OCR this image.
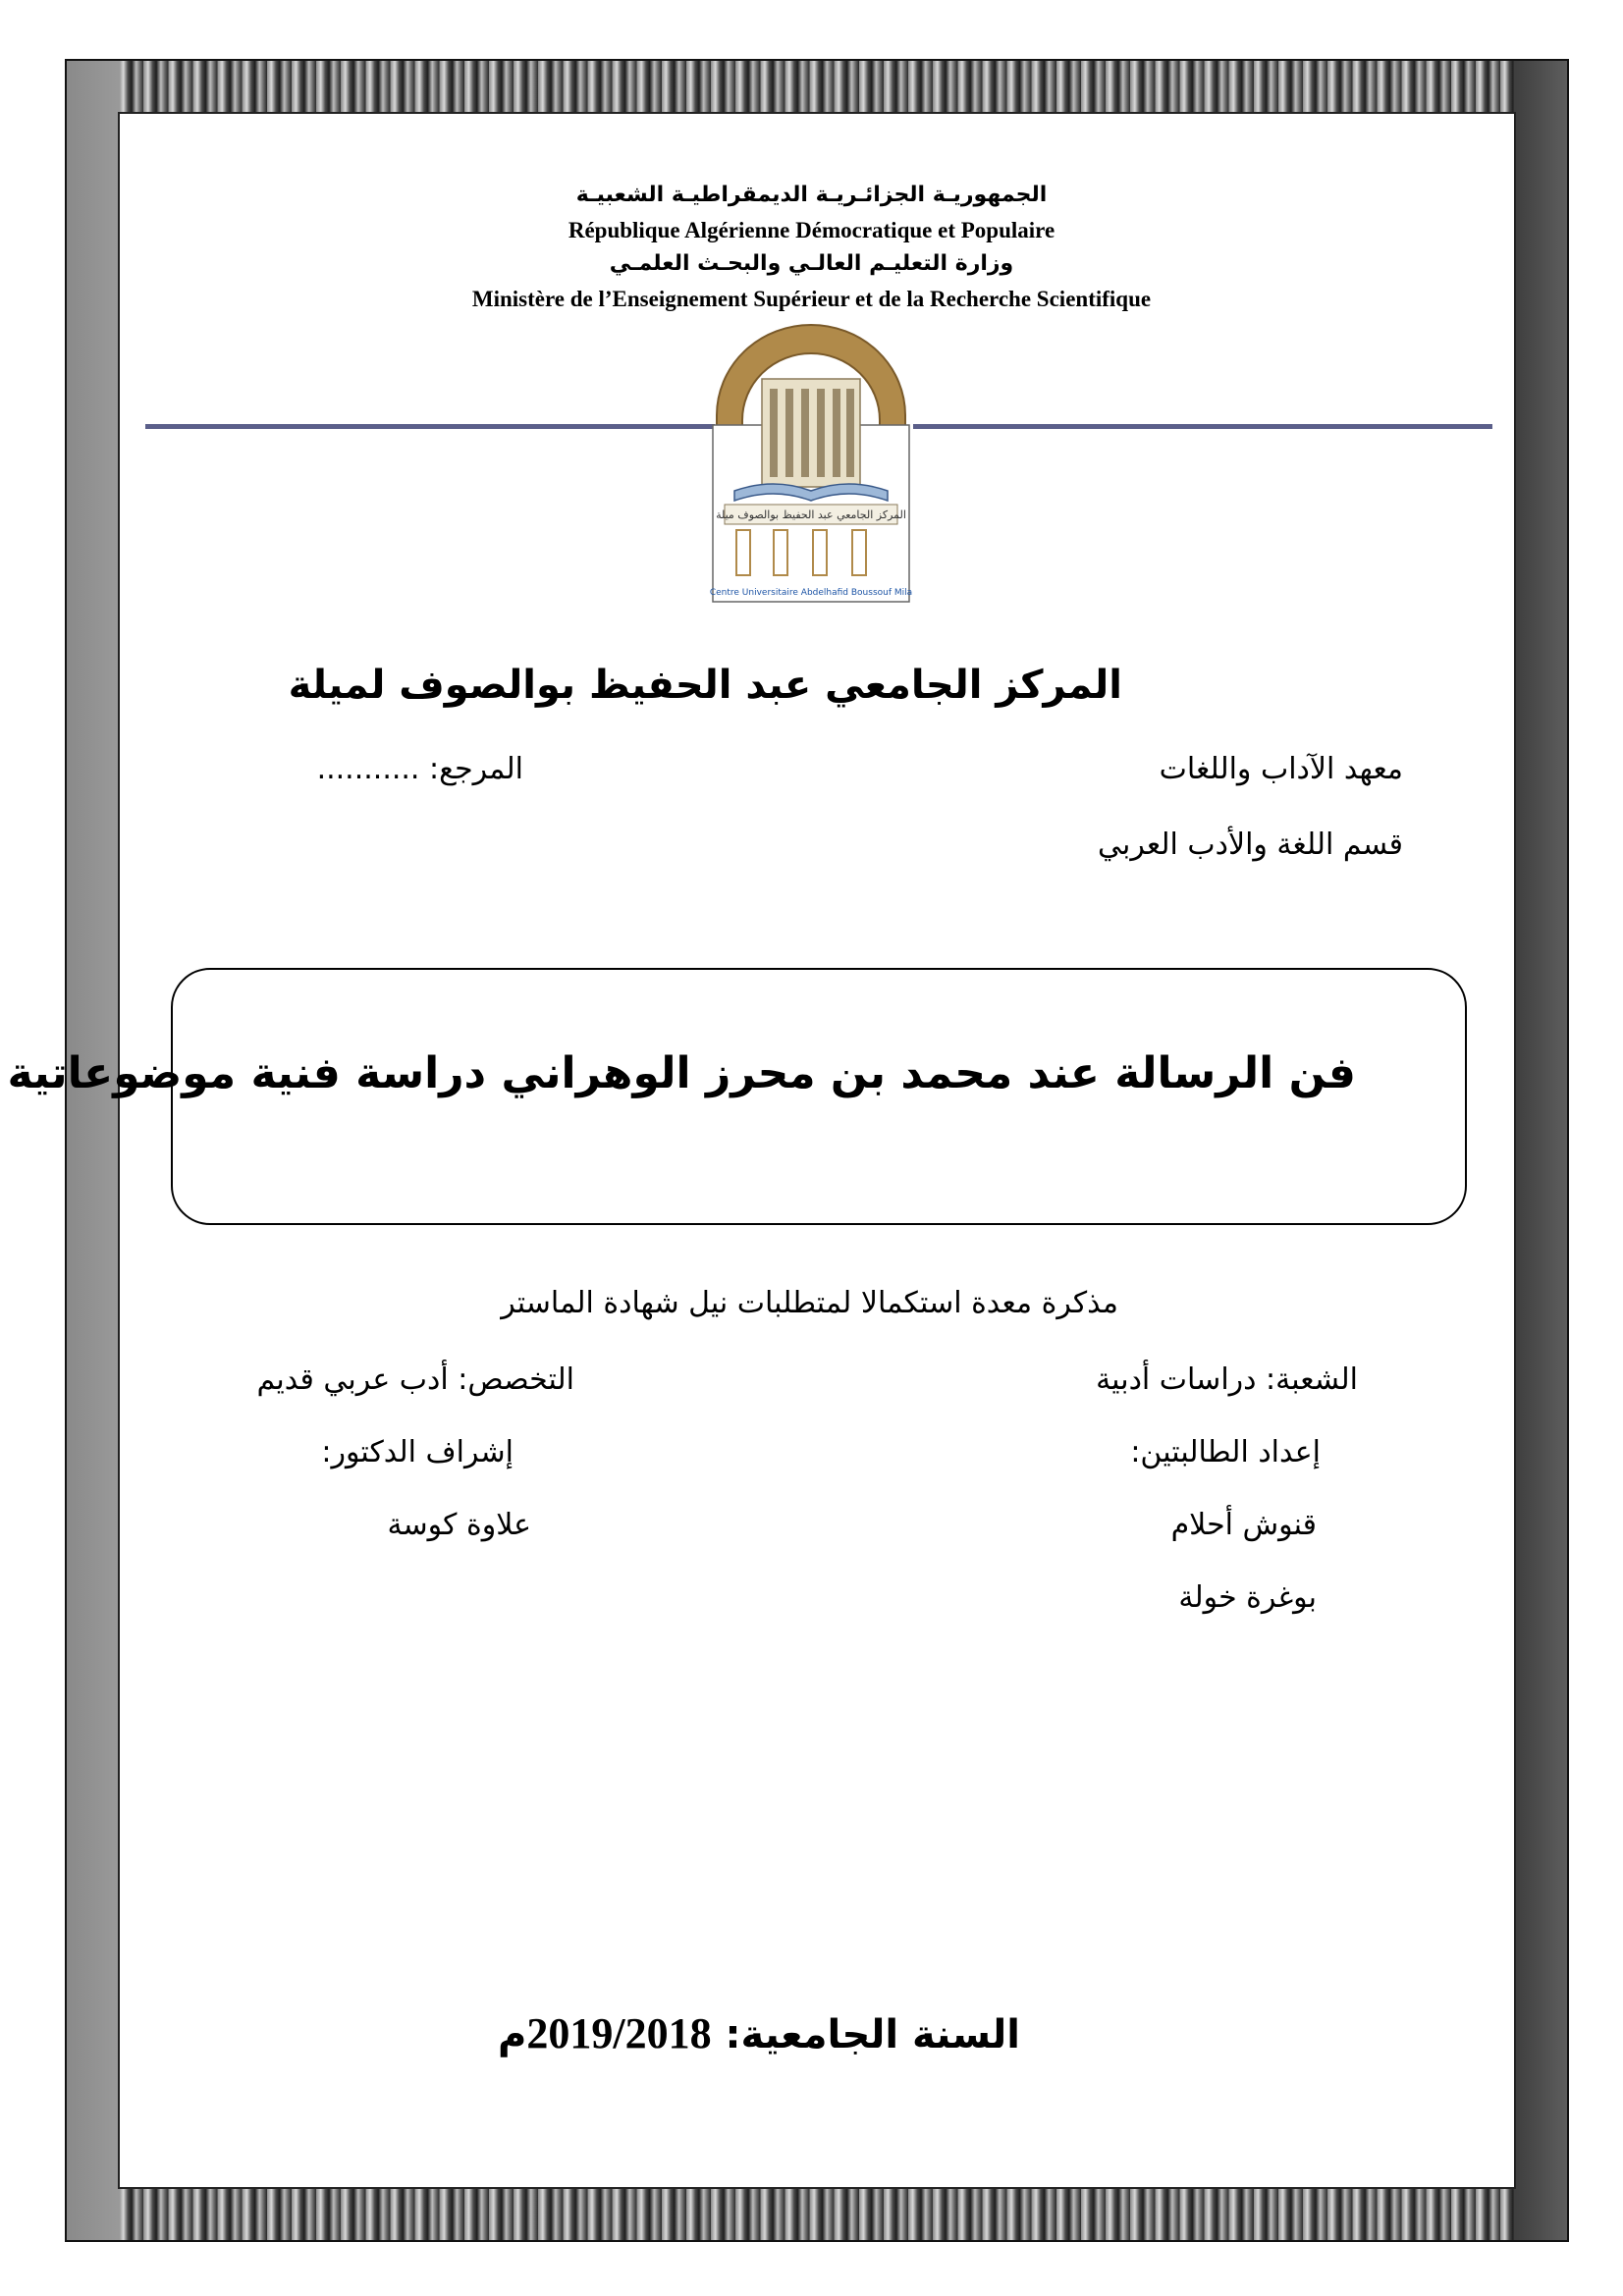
الجمهوريـة الجزائـريـة الديمقراطيـة الشعبيـة
République Algérienne Démocratique et Populaire
وزارة التعليـم العالـي والبحـث العلمـي
Ministère de l’Enseignement Supérieur et de la Recherche Scientifique
المركز الجامعي عبد الحفيظ بوالصوف ميلة
Centre Universitaire Abdelhafid Boussouf Mila
المركز الجامعي عبد الحفيظ بوالصوف لميلة
معهد الآداب واللغات
المرجع: ...........
قسم اللغة والأدب العربي
فن الرسالة عند محمد بن محرز الوهراني دراسة فنية موضوعاتية
مذكرة معدة استكمالا لمتطلبات نيل شهادة الماستر
الشعبة: دراسات أدبية
التخصص: أدب عربي قديم
إعداد الطالبتين:
إشراف الدكتور:
قنوش أحلام
علاوة كوسة
بوغرة خولة
السنة الجامعية: 2019/2018م
